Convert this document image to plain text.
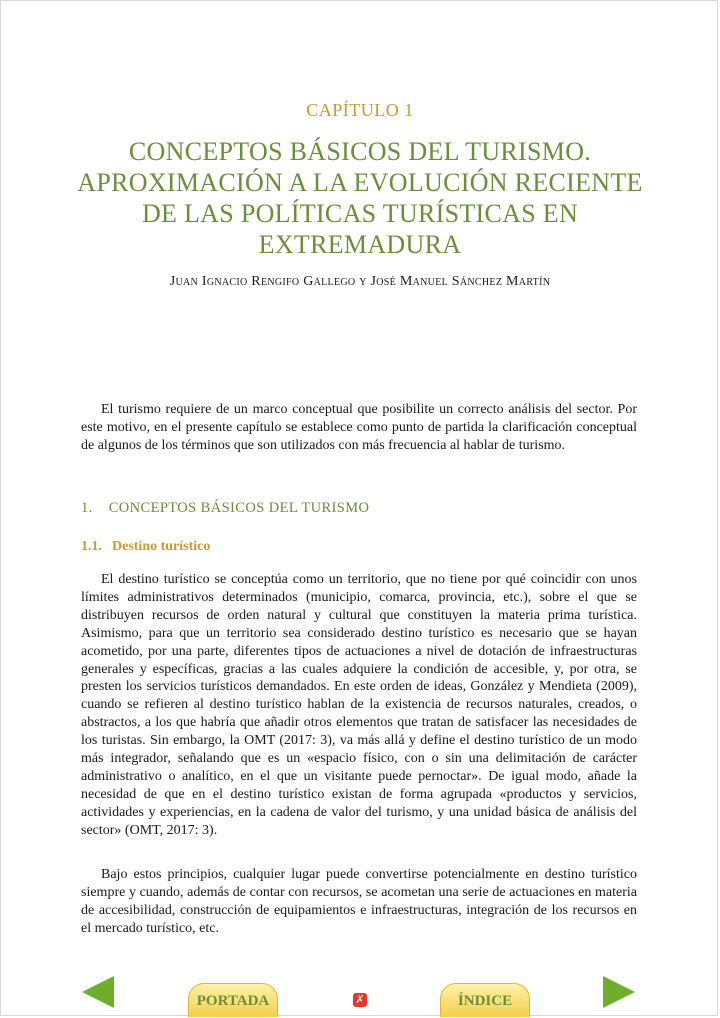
CAPÍTULO 1
CONCEPTOS BÁSICOS DEL TURISMO. APROXIMACIÓN A LA EVOLUCIÓN RECIENTE DE LAS POLÍTICAS TURÍSTICAS EN EXTREMADURA
Juan Ignacio Rengifo Gallego y José Manuel Sánchez Martín

El turismo requiere de un marco conceptual que posibilite un correcto análisis del sector. Por este motivo, en el presente capítulo se establece como punto de partida la clarificación conceptual de algunos de los términos que son utilizados con más frecuencia al hablar de turismo.

1. CONCEPTOS BÁSICOS DEL TURISMO
1.1. Destino turístico

El destino turístico se conceptúa como un territorio, que no tiene por qué coincidir con unos límites administrativos determinados (municipio, comarca, provincia, etc.), sobre el que se distribuyen recursos de orden natural y cultural que constituyen la materia prima turística. Asimismo, para que un territorio sea considerado destino turístico es necesario que se hayan acometido, por una parte, diferentes tipos de actuaciones a nivel de dotación de infraestructuras generales y específicas, gracias a las cuales adquiere la condición de accesible, y, por otra, se presten los servicios turísticos demandados. En este orden de ideas, González y Mendieta (2009), cuando se refieren al destino turístico hablan de la existencia de recursos naturales, creados, o abstractos, a los que habría que añadir otros elementos que tratan de satisfacer las necesidades de los turistas. Sin embargo, la OMT (2017: 3), va más allá y define el destino turístico de un modo más integrador, señalando que es un «espacio físico, con o sin una delimitación de carácter administrativo o analítico, en el que un visitante puede pernoctar». De igual modo, añade la necesidad de que en el destino turístico existan de forma agrupada «productos y servicios, actividades y experiencias, en la cadena de valor del turismo, y una unidad básica de análisis del sector» (OMT, 2017: 3).

Bajo estos principios, cualquier lugar puede convertirse potencialmente en destino turístico siempre y cuando, además de contar con recursos, se acometan una serie de actuaciones en materia de accesibilidad, construcción de equipamientos e infraestructuras, integración de los recursos en el mercado turístico, etc.

PORTADA	✗	ÍNDICE
